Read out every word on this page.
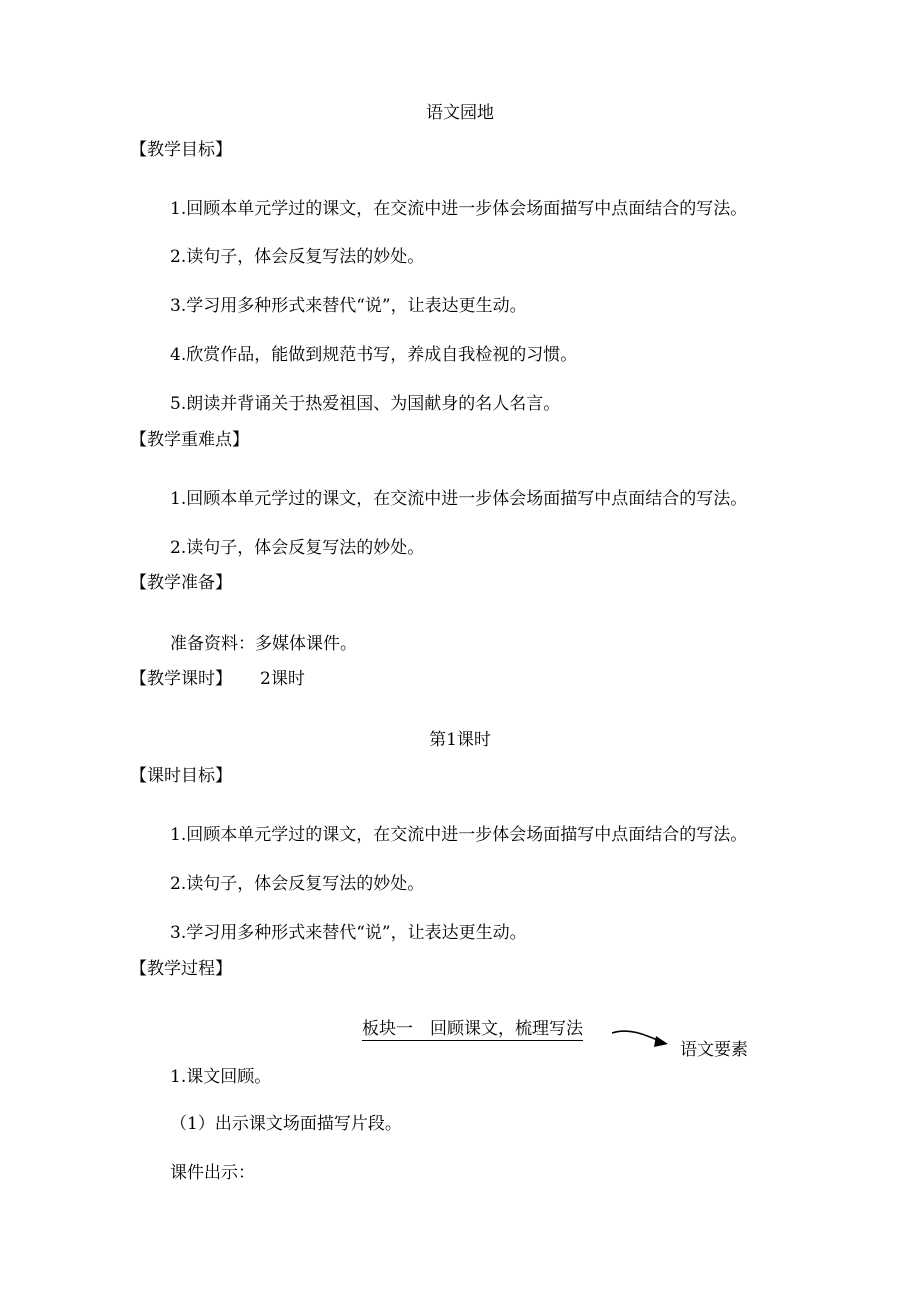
语文园地
【教学目标】
1.回顾本单元学过的课文，在交流中进一步体会场面描写中点面结合的写法。
2.读句子，体会反复写法的妙处。
3.学习用多种形式来替代“说”，让表达更生动。
4.欣赏作品，能做到规范书写，养成自我检视的习惯。
5.朗读并背诵关于热爱祖国、为国献身的名人名言。
【教学重难点】
1.回顾本单元学过的课文，在交流中进一步体会场面描写中点面结合的写法。
2.读句子，体会反复写法的妙处。
【教学准备】
准备资料：多媒体课件。
【教学课时】 2课时
第1课时
【课时目标】
1.回顾本单元学过的课文，在交流中进一步体会场面描写中点面结合的写法。
2.读句子，体会反复写法的妙处。
3.学习用多种形式来替代“说”，让表达更生动。
【教学过程】
板块一　回顾课文，梳理写法
语文要素
1.课文回顾。
（1）出示课文场面描写片段。
课件出示：
